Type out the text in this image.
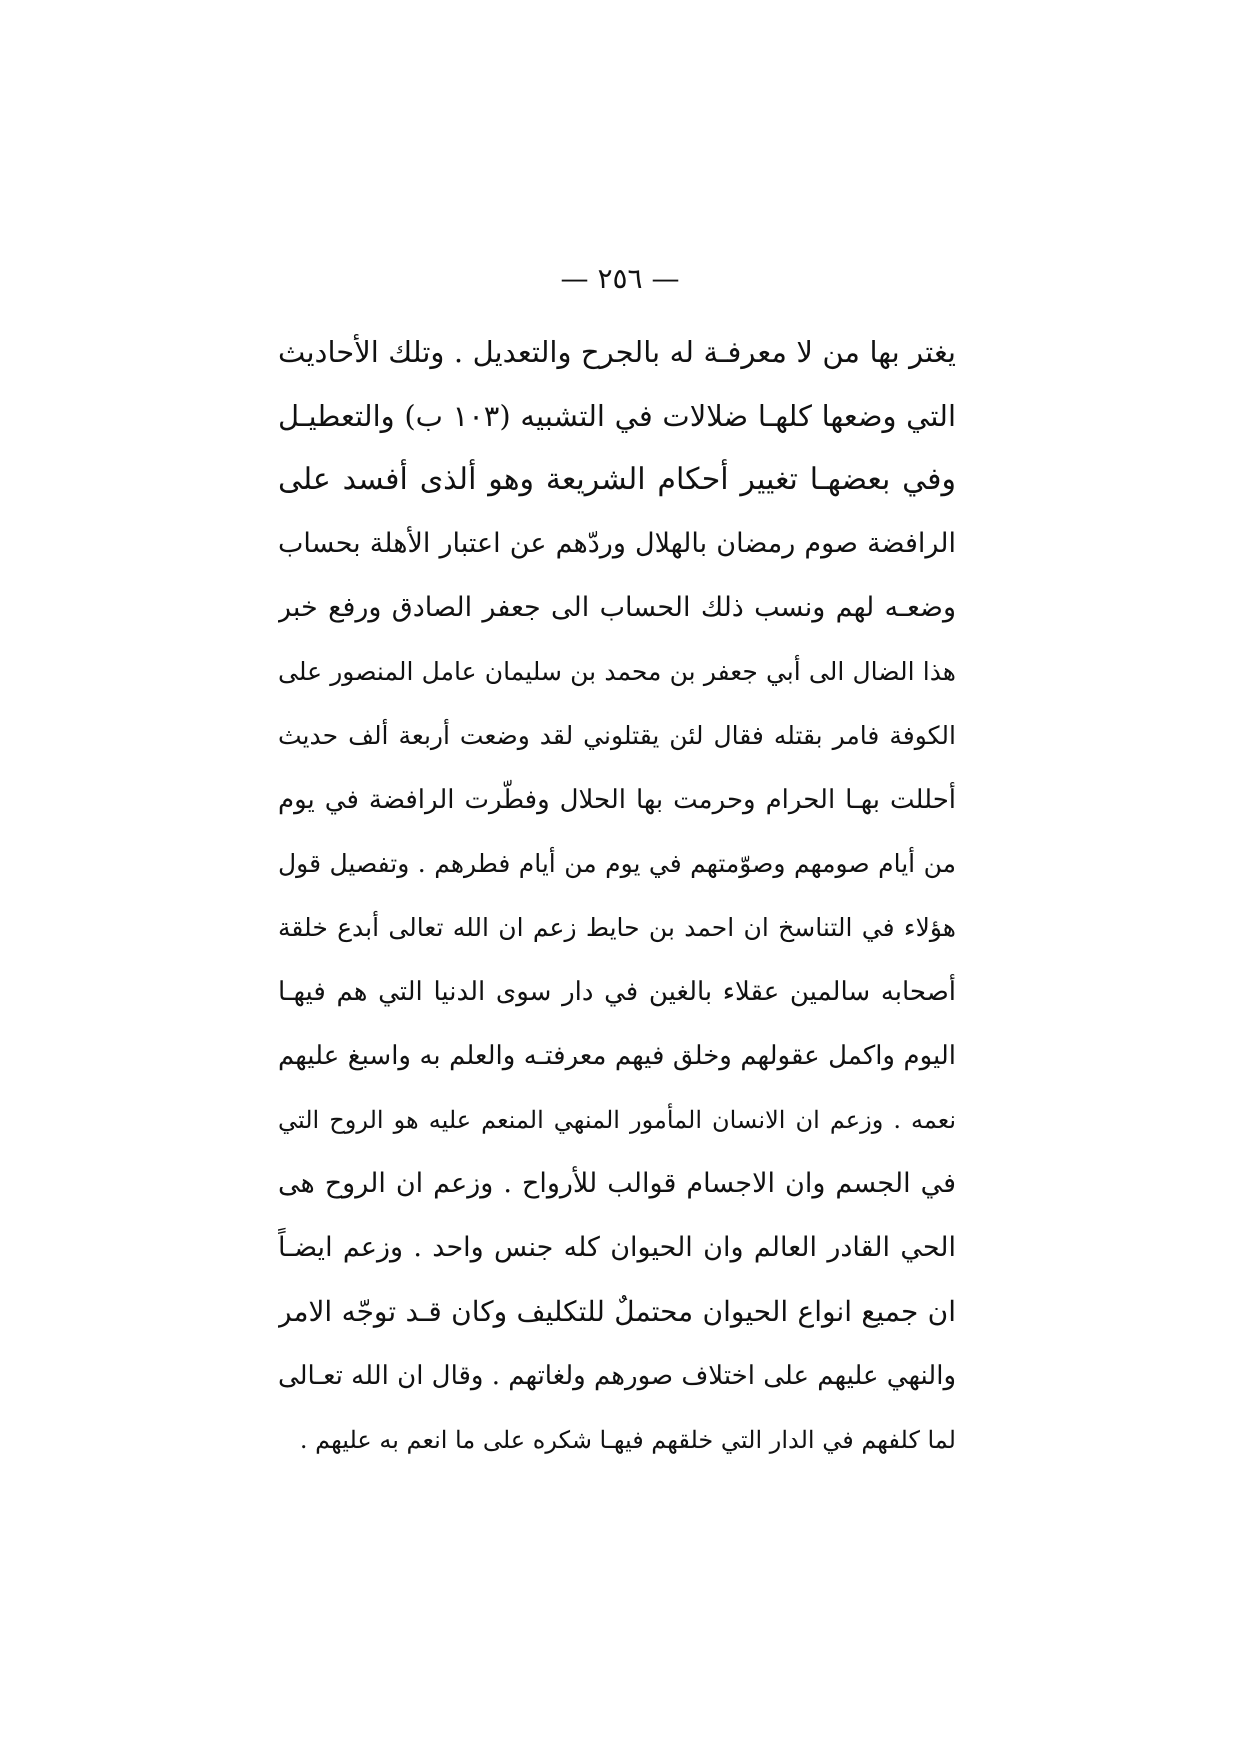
— ٢٥٦ —
يغتر بها من لا معرفـة له بالجرح والتعديل . وتلك الأحاديث
التي وضعها كلهـا ضلالات في التشبيه (١٠٣ ب) والتعطيـل
وفي بعضهـا تغيير أحكام الشريعة وهو ألذى أفسد على
الرافضة صوم رمضان بالهلال وردّهم عن اعتبار الأهلة بحساب
وضعـه لهم ونسب ذلك الحساب الى جعفر الصادق ورفع خبر
هذا الضال الى أبي جعفر بن محمد بن سليمان عامل المنصور على
الكوفة فامر بقتله فقال لئن يقتلوني لقد وضعت أربعة ألف حديث
أحللت بهـا الحرام وحرمت بها الحلال وفطّرت الرافضة في يوم
من أيام صومهم وصوّمتهم في يوم من أيام فطرهم . وتفصيل قول
هؤلاء في التناسخ ان احمد بن حايط زعم ان الله تعالى أبدع خلقة
أصحابه سالمين عقلاء بالغين في دار سوى الدنيا التي هم فيهـا
اليوم واكمل عقولهم وخلق فيهم معرفتـه والعلم به واسبغ عليهم
نعمه . وزعم ان الانسان المأمور المنهي المنعم عليه هو الروح التي
في الجسم وان الاجسام قوالب للأرواح . وزعم ان الروح هى
الحي القادر العالم وان الحيوان كله جنس واحد . وزعم ايضـاً
ان جميع انواع الحيوان محتملٌ للتكليف وكان قـد توجّه الامر
والنهي عليهم على اختلاف صورهم ولغاتهم . وقال ان الله تعـالى
لما كلفهم في الدار التي خلقهم فيهـا شكره على ما انعم به عليهم .
